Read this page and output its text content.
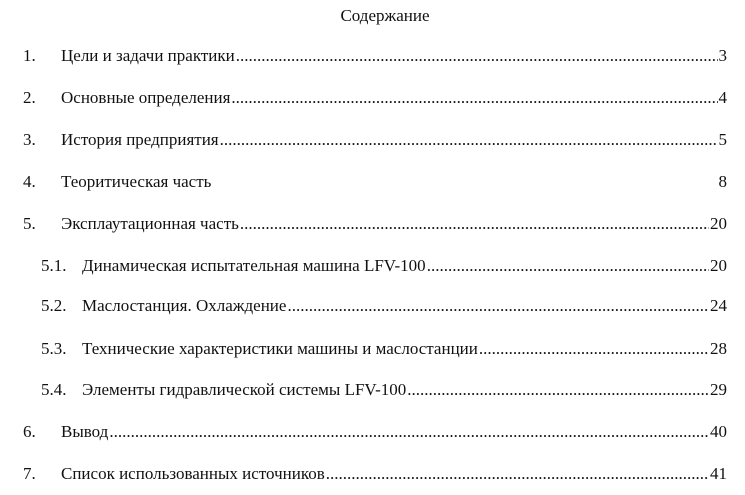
Содержание
1. Цели и задачи практики .....	3
2. Основные определения .....	4
3. История предприятия .....	5
4. Теоритическая часть	8
5. Эксплаутационная часть .....	20
5.1. Динамическая испытательная машина LFV-100 .....	20
5.2. Маслостанция. Охлаждение .....	24
5.3. Технические характеристики машины и маслостанции .....	28
5.4. Элементы гидравлической системы LFV-100 .....	29
6. Вывод .....	40
7. Список использованных источников .....	41
